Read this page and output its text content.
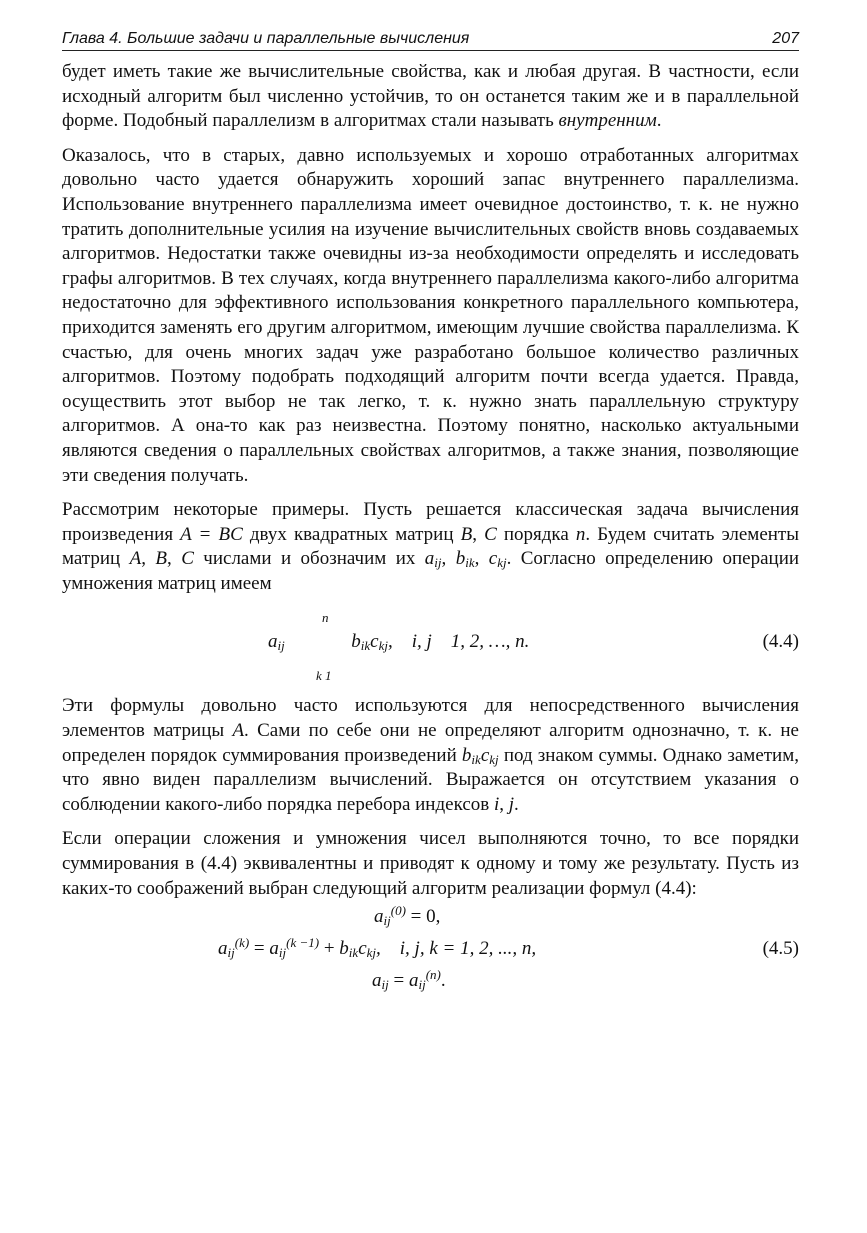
Глава 4. Большие задачи и параллельные вычисления	207

будет иметь такие же вычислительные свойства, как и любая другая. В частности, если исходный алгоритм был численно устойчив, то он останется таким же и в параллельной форме. Подобный параллелизм в алгоритмах стали называть внутренним.

Оказалось, что в старых, давно используемых и хорошо отработанных алгоритмах довольно часто удается обнаружить хороший запас внутреннего параллелизма. Использование внутреннего параллелизма имеет очевидное достоинство, т. к. не нужно тратить дополнительные усилия на изучение вычислительных свойств вновь создаваемых алгоритмов. Недостатки также очевидны из-за необходимости определять и исследовать графы алгоритмов. В тех случаях, когда внутреннего параллелизма какого-либо алгоритма недостаточно для эффективного использования конкретного параллельного компьютера, приходится заменять его другим алгоритмом, имеющим лучшие свойства параллелизма. К счастью, для очень многих задач уже разработано большое количество различных алгоритмов. Поэтому подобрать подходящий алгоритм почти всегда удается. Правда, осуществить этот выбор не так легко, т. к. нужно знать параллельную структуру алгоритмов. А она-то как раз неизвестна. Поэтому понятно, насколько актуальными являются сведения о параллельных свойствах алгоритмов, а также знания, позволяющие эти сведения получать.

Рассмотрим некоторые примеры. Пусть решается классическая задача вычисления произведения A = BC двух квадратных матриц B, C порядка n. Будем считать элементы матриц A, B, C числами и обозначим их $a_{ij}$, $b_{ik}$, $c_{kj}$. Согласно определению операции умножения матриц имеем

n
k 1
$a_{ij}$	$b_{ik}c_{kj}$,    i, j    1, 2, …, n.	(4.4)

Эти формулы довольно часто используются для непосредственного вычисления элементов матрицы A. Сами по себе они не определяют алгоритм однозначно, т. к. не определен порядок суммирования произведений $b_{ik}c_{kj}$ под знаком суммы. Однако заметим, что явно виден параллелизм вычислений. Выражается он отсутствием указания о соблюдении какого-либо порядка перебора индексов i, j.

Если операции сложения и умножения чисел выполняются точно, то все порядки суммирования в (4.4) эквивалентны и приводят к одному и тому же результату. Пусть из каких-то соображений выбран следующий алгоритм реализации формул (4.4):

$a_{ij}^{(0)} = 0$,
$a_{ij}^{(k)} = a_{ij}^{(k -1)} + b_{ik}c_{kj}$,    i, j, k = 1, 2, ..., n,
$a_{ij} = a_{ij}^{(n)}$.
(4.5)
